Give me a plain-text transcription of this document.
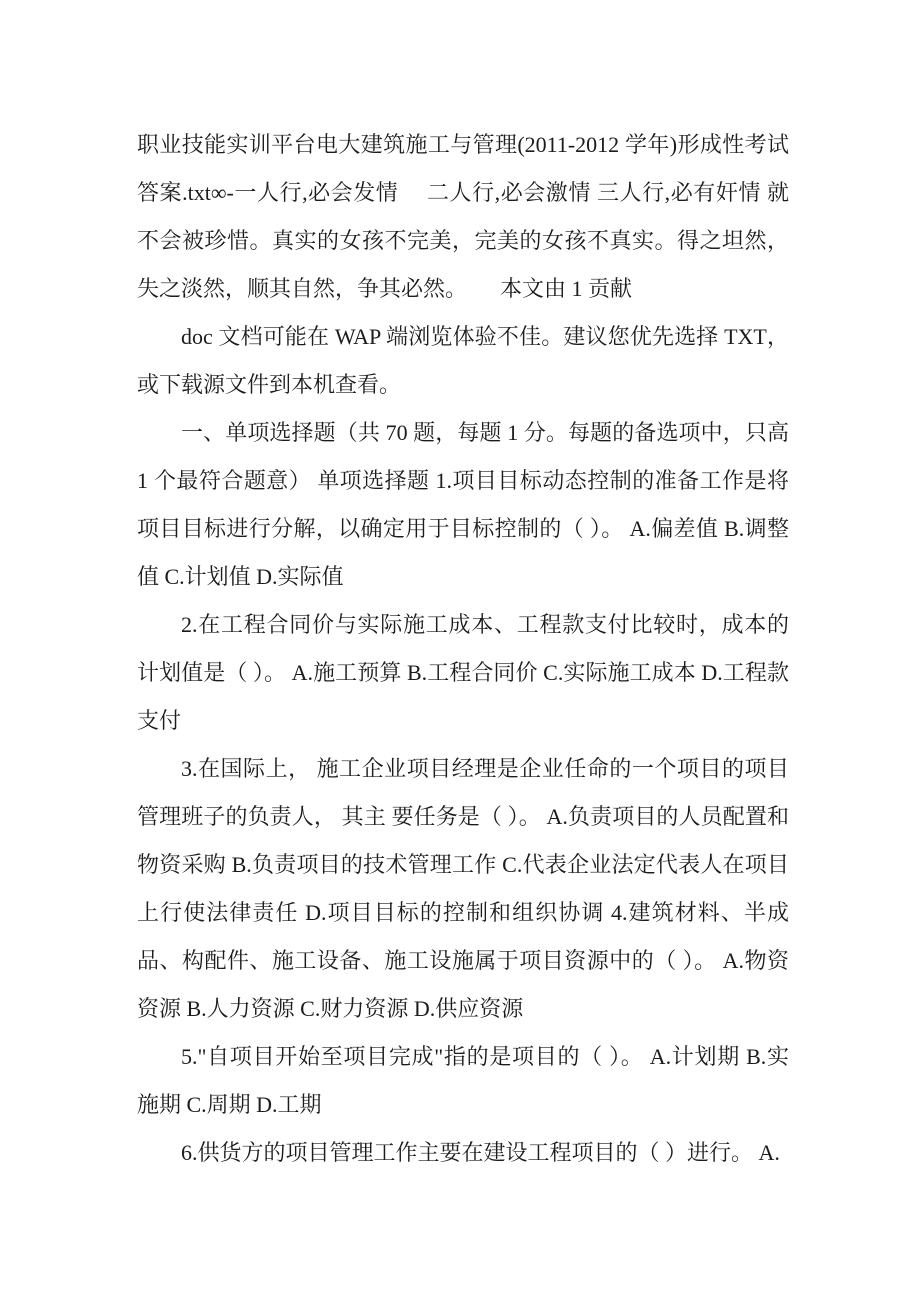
职业技能实训平台电大建筑施工与管理(2011-2012 学年)形成性考试答案.txt∞-一人行,必会发情　 二人行,必会激情 三人行,必有奸情 就不会被珍惜。真实的女孩不完美，完美的女孩不真实。得之坦然，失之淡然，顺其自然，争其必然。　　本文由 1 贡献

doc 文档可能在 WAP 端浏览体验不佳。建议您优先选择 TXT，或下载源文件到本机查看。

一、单项选择题（共 70 题，每题 1 分。每题的备选项中，只高 1 个最符合题意） 单项选择题 1.项目目标动态控制的准备工作是将项目目标进行分解，以确定用于目标控制的（ ）。 A.偏差值 B.调整值 C.计划值 D.实际值

2.在工程合同价与实际施工成本、工程款支付比较时，成本的计划值是（ ）。 A.施工预算 B.工程合同价 C.实际施工成本 D.工程款支付

3.在国际上， 施工企业项目经理是企业任命的一个项目的项目管理班子的负责人， 其主 要任务是（ ）。 A.负责项目的人员配置和物资采购 B.负责项目的技术管理工作 C.代表企业法定代表人在项目上行使法律责任 D.项目目标的控制和组织协调 4.建筑材料、半成品、构配件、施工设备、施工设施属于项目资源中的（ ）。 A.物资资源 B.人力资源 C.财力资源 D.供应资源

5."自项目开始至项目完成"指的是项目的（ ）。 A.计划期 B.实施期 C.周期 D.工期

6.供货方的项目管理工作主要在建设工程项目的（ ）进行。 A.
